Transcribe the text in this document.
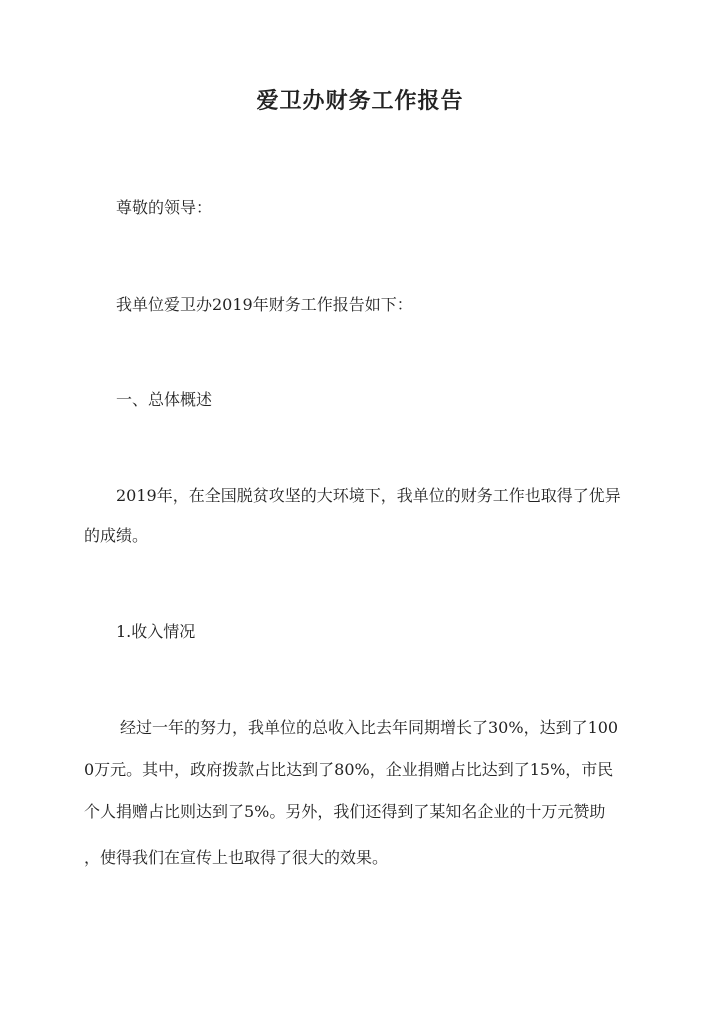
爱卫办财务工作报告
尊敬的领导：
我单位爱卫办2019年财务工作报告如下：
一、总体概述
2019年，在全国脱贫攻坚的大环境下，我单位的财务工作也取得了优异的成绩。
1.收入情况
经过一年的努力，我单位的总收入比去年同期增长了30%，达到了100
0万元。其中，政府拨款占比达到了80%，企业捐赠占比达到了15%，市民
个人捐赠占比则达到了5%。另外，我们还得到了某知名企业的十万元赞助
，使得我们在宣传上也取得了很大的效果。
